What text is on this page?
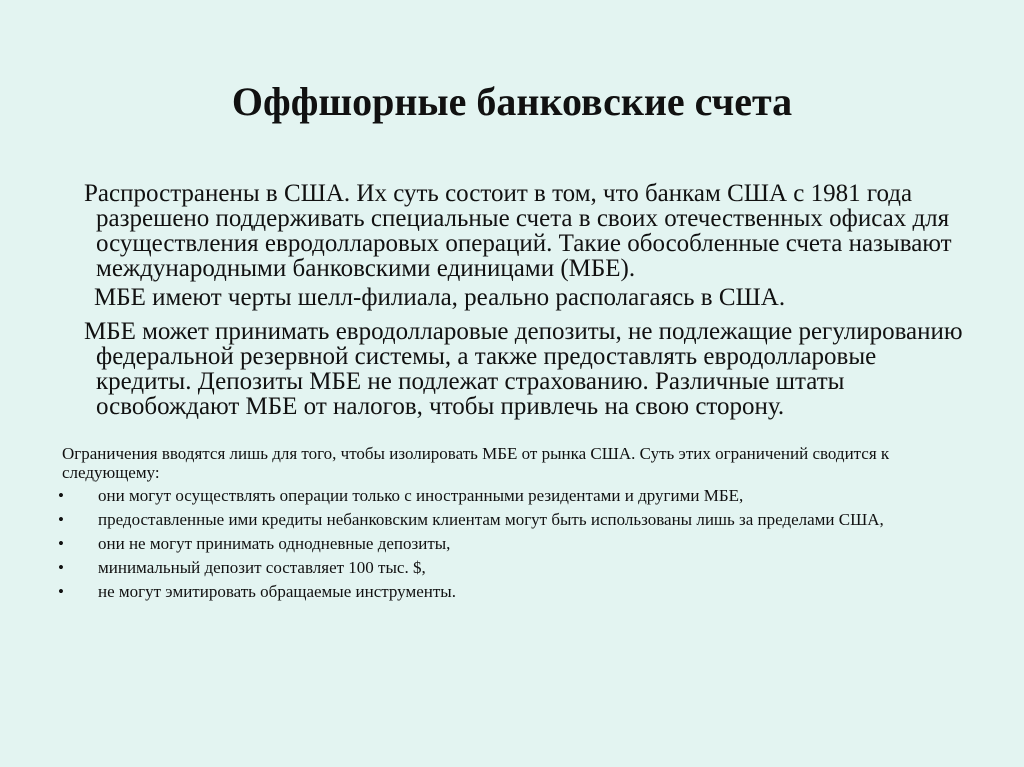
Оффшорные банковские счета

Распространены в США. Их суть состоит в том, что банкам США с 1981 года разрешено поддерживать специальные счета в своих отечественных офисах для осуществления евродолларовых операций. Такие обособленные счета называют международными банковскими единицами (МБЕ).

МБЕ имеют черты шелл-филиала, реально располагаясь в США.

МБЕ может принимать евродолларовые депозиты, не подлежащие регулированию федеральной резервной системы, а также предоставлять евродолларовые кредиты. Депозиты МБЕ не подлежат страхованию. Различные штаты освобождают МБЕ от налогов, чтобы привлечь на свою сторону.

Ограничения вводятся лишь для того, чтобы изолировать МБЕ от рынка США. Суть этих ограничений сводится к следующему:

• они могут осуществлять операции только с иностранными резидентами и другими МБЕ,
• предоставленные ими кредиты небанковским клиентам могут быть использованы лишь за пределами США,
• они не могут принимать однодневные депозиты,
• минимальный депозит составляет 100 тыс. $,
• не могут эмитировать обращаемые инструменты.
